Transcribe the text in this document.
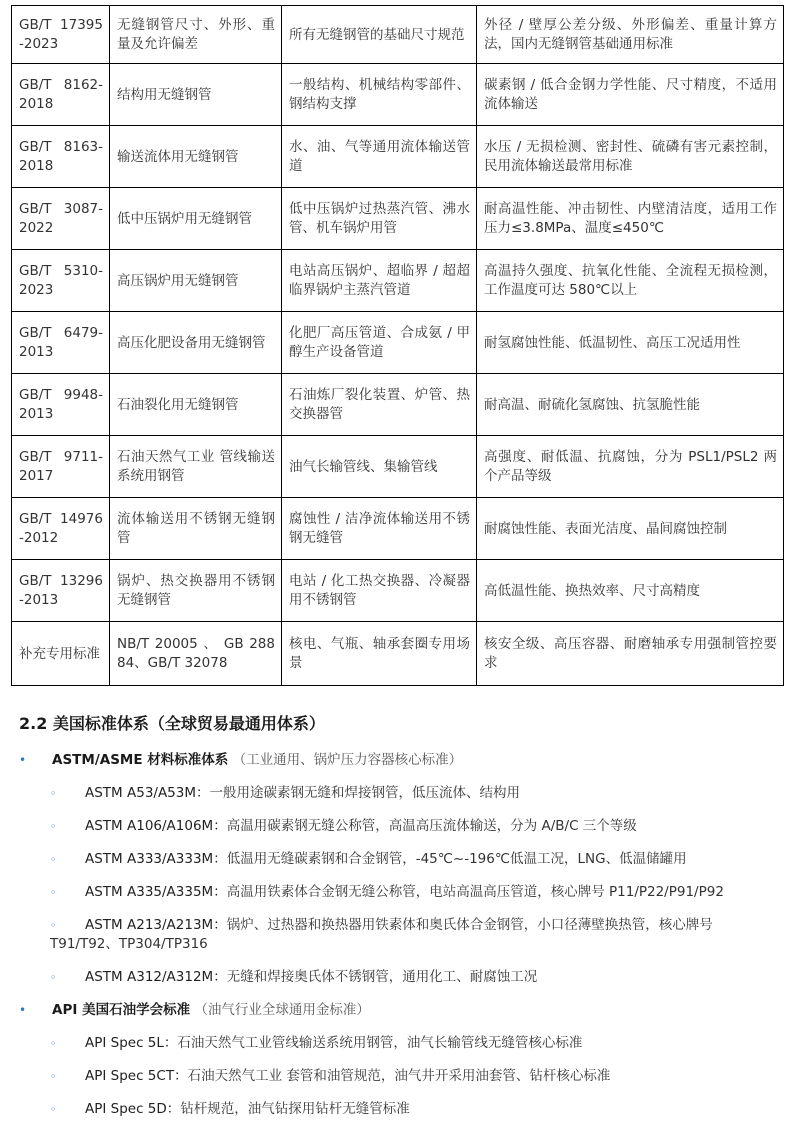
GB/T 17395-2023	无缝钢管尺寸、外形、重量及允许偏差	所有无缝钢管的基础尺寸规范	外径 / 壁厚公差分级、外形偏差、重量计算方法，国内无缝钢管基础通用标准
GB/T 8162-2018	结构用无缝钢管	一般结构、机械结构零部件、钢结构支撑	碳素钢 / 低合金钢力学性能、尺寸精度，不适用流体输送
GB/T 8163-2018	输送流体用无缝钢管	水、油、气等通用流体输送管道	水压 / 无损检测、密封性、硫磷有害元素控制，民用流体输送最常用标准
GB/T 3087-2022	低中压锅炉用无缝钢管	低中压锅炉过热蒸汽管、沸水管、机车锅炉用管	耐高温性能、冲击韧性、内壁清洁度，适用工作压力≤3.8MPa、温度≤450℃
GB/T 5310-2023	高压锅炉用无缝钢管	电站高压锅炉、超临界 / 超超临界锅炉主蒸汽管道	高温持久强度、抗氧化性能、全流程无损检测，工作温度可达 580℃以上
GB/T 6479-2013	高压化肥设备用无缝钢管	化肥厂高压管道、合成氨 / 甲醇生产设备管道	耐氢腐蚀性能、低温韧性、高压工况适用性
GB/T 9948-2013	石油裂化用无缝钢管	石油炼厂裂化装置、炉管、热交换器管	耐高温、耐硫化氢腐蚀、抗氢脆性能
GB/T 9711-2017	石油天然气工业 管线输送系统用钢管	油气长输管线、集输管线	高强度、耐低温、抗腐蚀，分为 PSL1/PSL2 两个产品等级
GB/T 14976-2012	流体输送用不锈钢无缝钢管	腐蚀性 / 洁净流体输送用不锈钢无缝管	耐腐蚀性能、表面光洁度、晶间腐蚀控制
GB/T 13296-2013	锅炉、热交换器用不锈钢无缝钢管	电站 / 化工热交换器、冷凝器用不锈钢管	高低温性能、换热效率、尺寸高精度
补充专用标准	NB/T 20005 、 GB 28884、GB/T 32078	核电、气瓶、轴承套圈专用场景	核安全级、高压容器、耐磨轴承专用强制管控要求
2.2 美国标准体系（全球贸易最通用体系）
• ASTM/ASME 材料标准体系 （工业通用、锅炉压力容器核心标准）
◦ ASTM A53/A53M：一般用途碳素钢无缝和焊接钢管，低压流体、结构用
◦ ASTM A106/A106M：高温用碳素钢无缝公称管，高温高压流体输送，分为 A/B/C 三个等级
◦ ASTM A333/A333M：低温用无缝碳素钢和合金钢管，-45℃~-196℃低温工况，LNG、低温储罐用
◦ ASTM A335/A335M：高温用铁素体合金钢无缝公称管，电站高温高压管道，核心牌号 P11/P22/P91/P92
◦ ASTM A213/A213M：锅炉、过热器和换热器用铁素体和奥氏体合金钢管，小口径薄壁换热管，核心牌号 T91/T92、TP304/TP316
◦ ASTM A312/A312M：无缝和焊接奥氏体不锈钢管，通用化工、耐腐蚀工况
• API 美国石油学会标准 （油气行业全球通用金标准）
◦ API Spec 5L：石油天然气工业管线输送系统用钢管，油气长输管线无缝管核心标准
◦ API Spec 5CT：石油天然气工业 套管和油管规范，油气井开采用油套管、钻杆核心标准
◦ API Spec 5D：钻杆规范，油气钻探用钻杆无缝管标准
